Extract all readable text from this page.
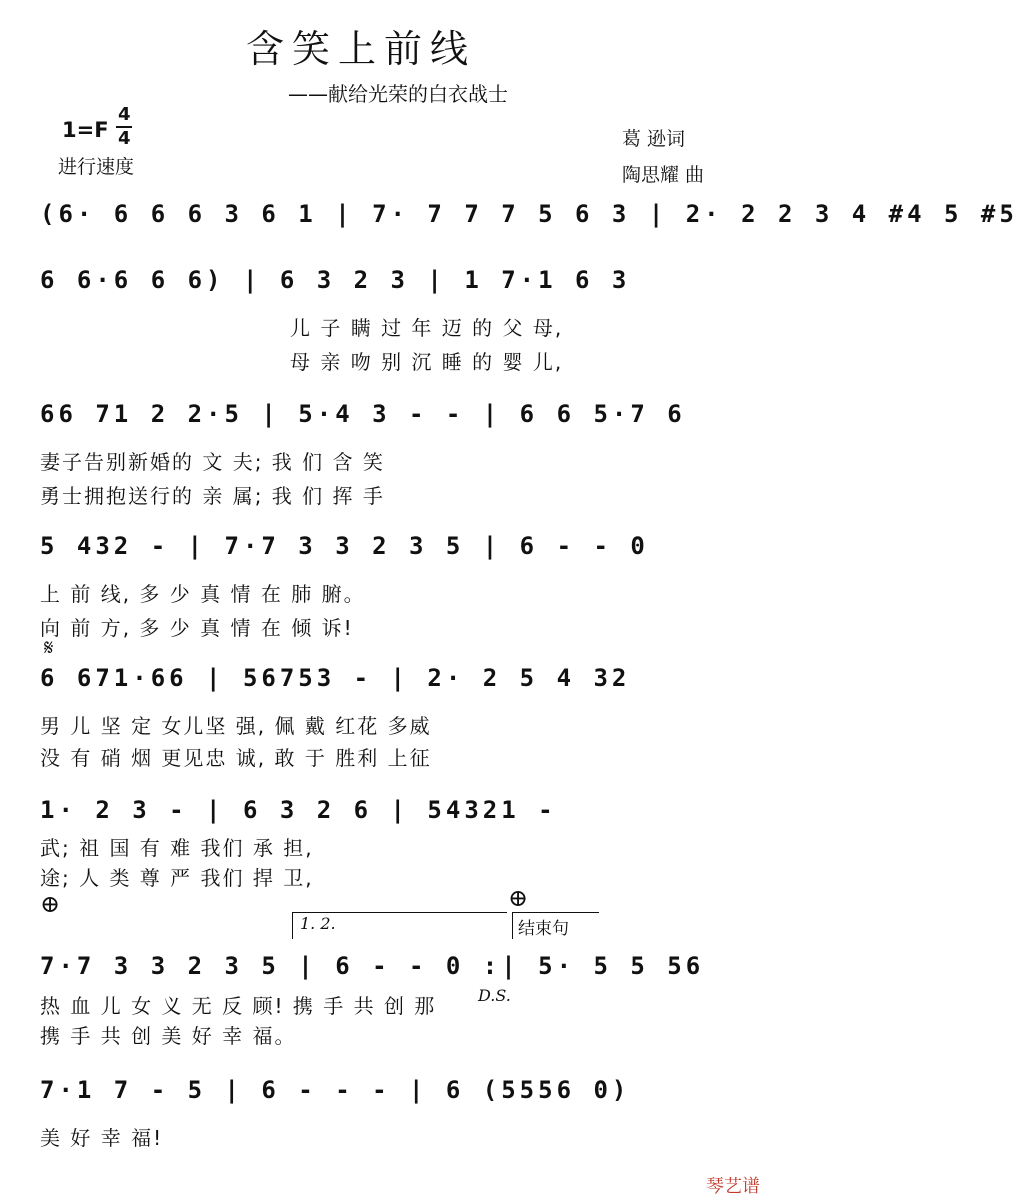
含笑上前线
——献给光荣的白衣战士
1=F
4
4
进行速度
葛 逊词
陶思耀 曲
(6· 6 6 6 3 6 1 | 7· 7 7 7 5 6 3 | 2· 2 2 3 4 #4 5 #5
6 6·6 6 6) | 6 3 2 3 | 1 7·1 6 3
儿 子 瞒 过 年 迈 的 父 母,
母 亲 吻 别 沉 睡 的 婴 儿,
66 71 2 2·5 | 5·4 3 - - | 6 6 5·7 6
妻子告别新婚的 文 夫; 我 们 含 笑
勇士拥抱送行的 亲 属; 我 们 挥 手
5 432 - | 7·7 3 3 2 3 5 | 6 - - 0
上 前 线, 多 少 真 情 在 肺 腑。
向 前 方, 多 少 真 情 在 倾 诉!
𝄋
6 671·66 | 56753 - | 2· 2 5 4 32
男 儿 坚 定 女儿坚 强, 佩 戴 红花 多威
没 有 硝 烟 更见忠 诚, 敢 于 胜利 上征
1· 2 3 - | 6 3 2 6 | 54321 -
武; 祖 国 有 难 我们 承 担,
途; 人 类 尊 严 我们 捍 卫,
⊕	⊕
1. 2.	结束句
7·7 3 3 2 3 5 | 6 - - 0 :| 5· 5 5 56
热 血 儿 女 义 无 反 顾! 携 手 共 创 那	D.S.
携 手 共 创 美 好 幸 福。
7·1 7 - 5 | 6 - - - | 6 (5556 0)
美 好 幸 福!
琴艺谱
